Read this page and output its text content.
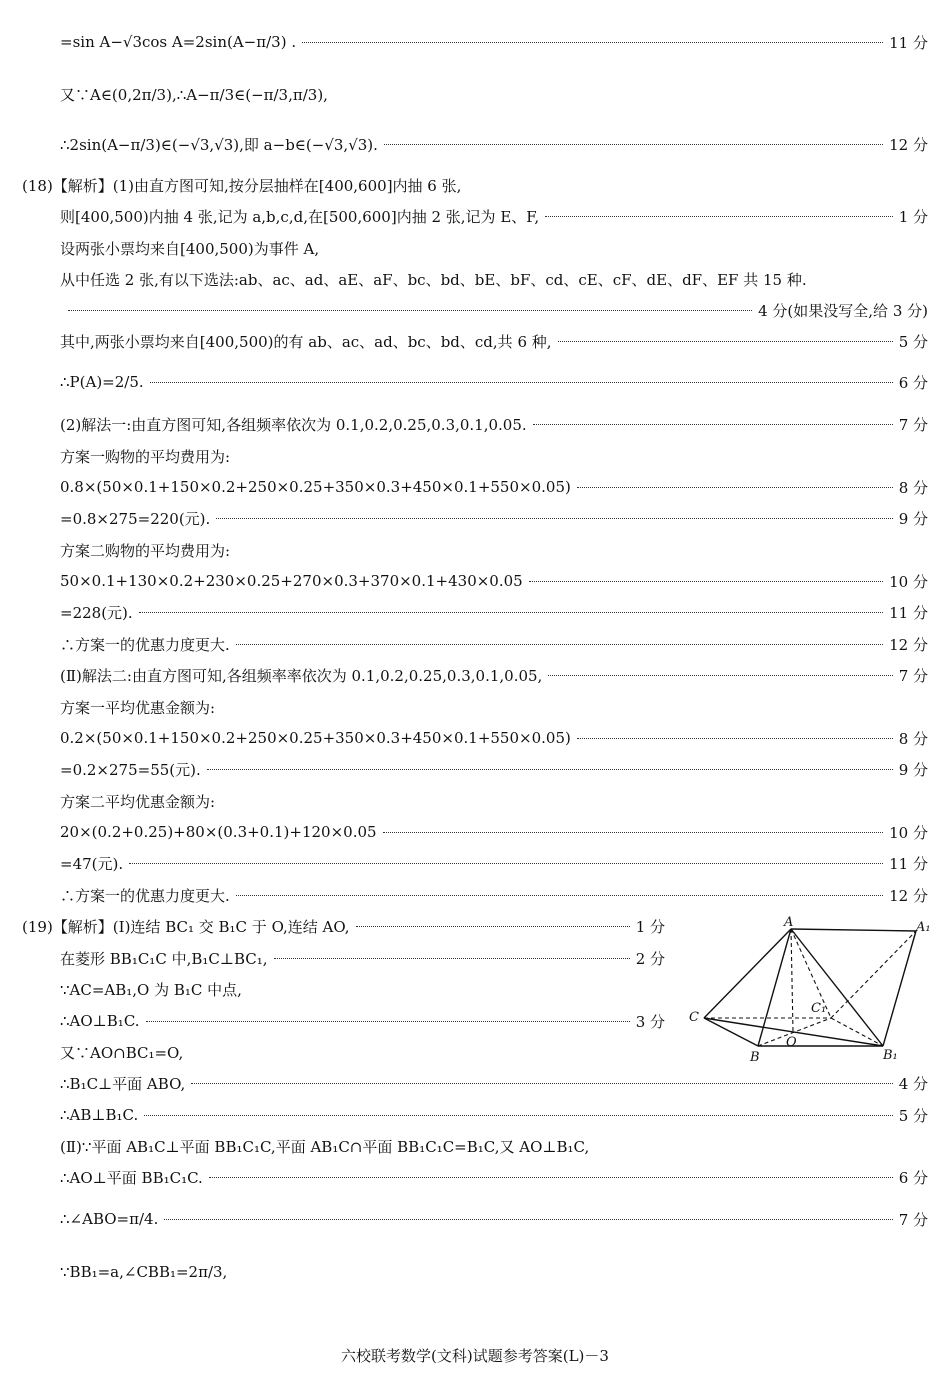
=sin A−√3cos A=2sin(A−π/3) .	11 分
又∵A∈(0,2π/3),∴A−π/3∈(−π/3,π/3),
∴2sin(A−π/3)∈(−√3,√3),即 a−b∈(−√3,√3).	12 分
(18)【解析】(1)由直方图可知,按分层抽样在[400,600]内抽 6 张,
则[400,500)内抽 4 张,记为 a,b,c,d,在[500,600]内抽 2 张,记为 E、F,	1 分
设两张小票均来自[400,500)为事件 A,
从中任选 2 张,有以下选法:ab、ac、ad、aE、aF、bc、bd、bE、bF、cd、cE、cF、dE、dF、EF 共 15 种.
4 分(如果没写全,给 3 分)
其中,两张小票均来自[400,500)的有 ab、ac、ad、bc、bd、cd,共 6 种,	5 分
∴P(A)=2/5.	6 分
(2)解法一:由直方图可知,各组频率依次为 0.1,0.2,0.25,0.3,0.1,0.05.	7 分
方案一购物的平均费用为:
0.8×(50×0.1+150×0.2+250×0.25+350×0.3+450×0.1+550×0.05)	8 分
=0.8×275=220(元).	9 分
方案二购物的平均费用为:
50×0.1+130×0.2+230×0.25+270×0.3+370×0.1+430×0.05	10 分
=228(元).	11 分
∴方案一的优惠力度更大.	12 分
(Ⅱ)解法二:由直方图可知,各组频率率依次为 0.1,0.2,0.25,0.3,0.1,0.05,	7 分
方案一平均优惠金额为:
0.2×(50×0.1+150×0.2+250×0.25+350×0.3+450×0.1+550×0.05)	8 分
=0.2×275=55(元).	9 分
方案二平均优惠金额为:
20×(0.2+0.25)+80×(0.3+0.1)+120×0.05	10 分
=47(元).	11 分
∴方案一的优惠力度更大.	12 分
(19)【解析】(Ⅰ)连结 BC₁ 交 B₁C 于 O,连结 AO,	1 分
在菱形 BB₁C₁C 中,B₁C⊥BC₁,	2 分
∵AC=AB₁,O 为 B₁C 中点,
∴AO⊥B₁C.	3 分
又∵AO∩BC₁=O,
∴B₁C⊥平面 ABO,	4 分
∴AB⊥B₁C.	5 分
(Ⅱ)∵平面 AB₁C⊥平面 BB₁C₁C,平面 AB₁C∩平面 BB₁C₁C=B₁C,又 AO⊥B₁C,
∴AO⊥平面 BB₁C₁C.	6 分
∴∠ABO=π/4.	7 分
∵BB₁=a,∠CBB₁=2π/3,
A	A₁
C
C₁
O
B	B₁
六校联考数学(文科)试题参考答案(L)－3
